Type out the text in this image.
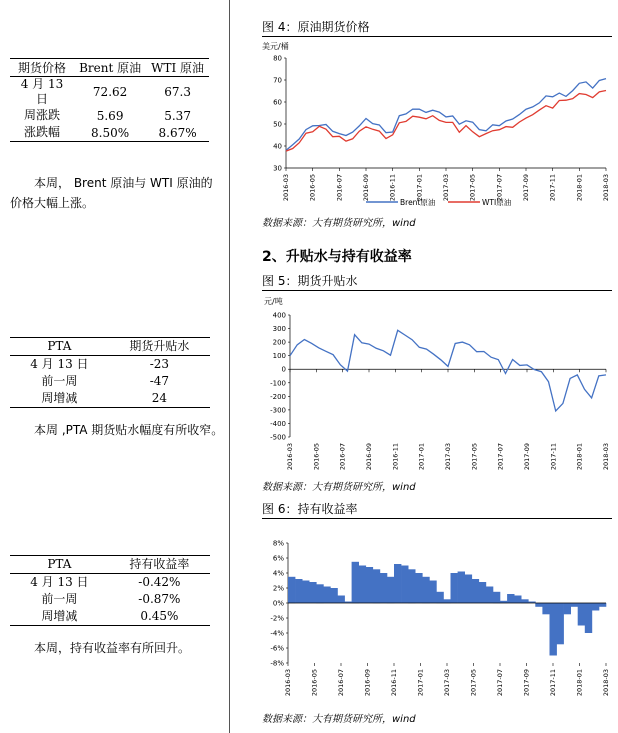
期货价格	Brent 原油	WTI 原油
4 月 13 日	72.62	67.3
周涨跌	5.69	5.37
涨跌幅	8.50%	8.67%
本周， Brent 原油与 WTI 原油的价格大幅上涨。
PTA	期货升贴水
4 月 13 日	-23
前一周	-47
周增减	24
本周 ,PTA 期货贴水幅度有所收窄。
PTA	持有收益率
4 月 13 日	-0.42%
前一周	-0.87%
周增减	0.45%
本周，持有收益率有所回升。
图 4：原油期货价格
美元/桶
30
40
50
60
70
80
2016-03	2016-05	2016-07	2016-09	2016-11	2017-01	2017-03	2017-05	2017-07	2017-09	2017-11	2018-01	2018-03
Brent原油	WTI原油
数据来源：大有期货研究所，wind
2、升贴水与持有收益率
图 5：期货升贴水
元/吨
400
300
200
100
0
-100
-200
-300
-400
-500
2016-03	2016-05	2016-07	2016-09	2016-11	2017-01	2017-03	2017-05	2017-07	2017-09	2017-11	2018-01	2018-03
数据来源：大有期货研究所，wind
图 6：持有收益率
8%
6%
4%
2%
0%
-2%
-4%
-6%
-8%
2016-03	2016-05	2016-07	2016-09	2016-11	2017-01	2017-03	2017-05	2017-07	2017-09	2017-11	2018-01	2018-03
数据来源：大有期货研究所，wind
